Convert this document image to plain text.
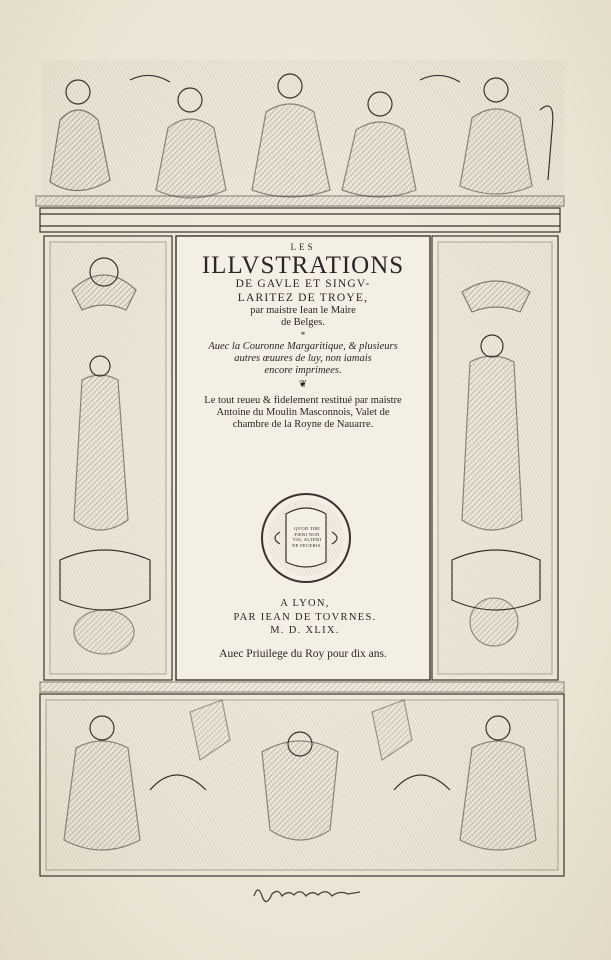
LES
ILLVSTRATIONS
DE GAVLE ET SINGV-
LARITEZ DE TROYE,
par maistre Iean le Maire
de Belges.
*
Auec la Couronne Margaritique, & plusieurs
autres œuures de luy, non iamais
encore imprimees.
❦
Le tout reueu & fidelement restitué par maistre
Antoine du Moulin Masconnois, Valet de
chambre de la Royne de Nauarre.
QVOD TIBI
FIERI NON
VIS, ALTERI
NE FECERIS.
A LYON,
PAR IEAN DE TOVRNES.
M. D. XLIX.
Auec Priuilege du Roy pour dix ans.
